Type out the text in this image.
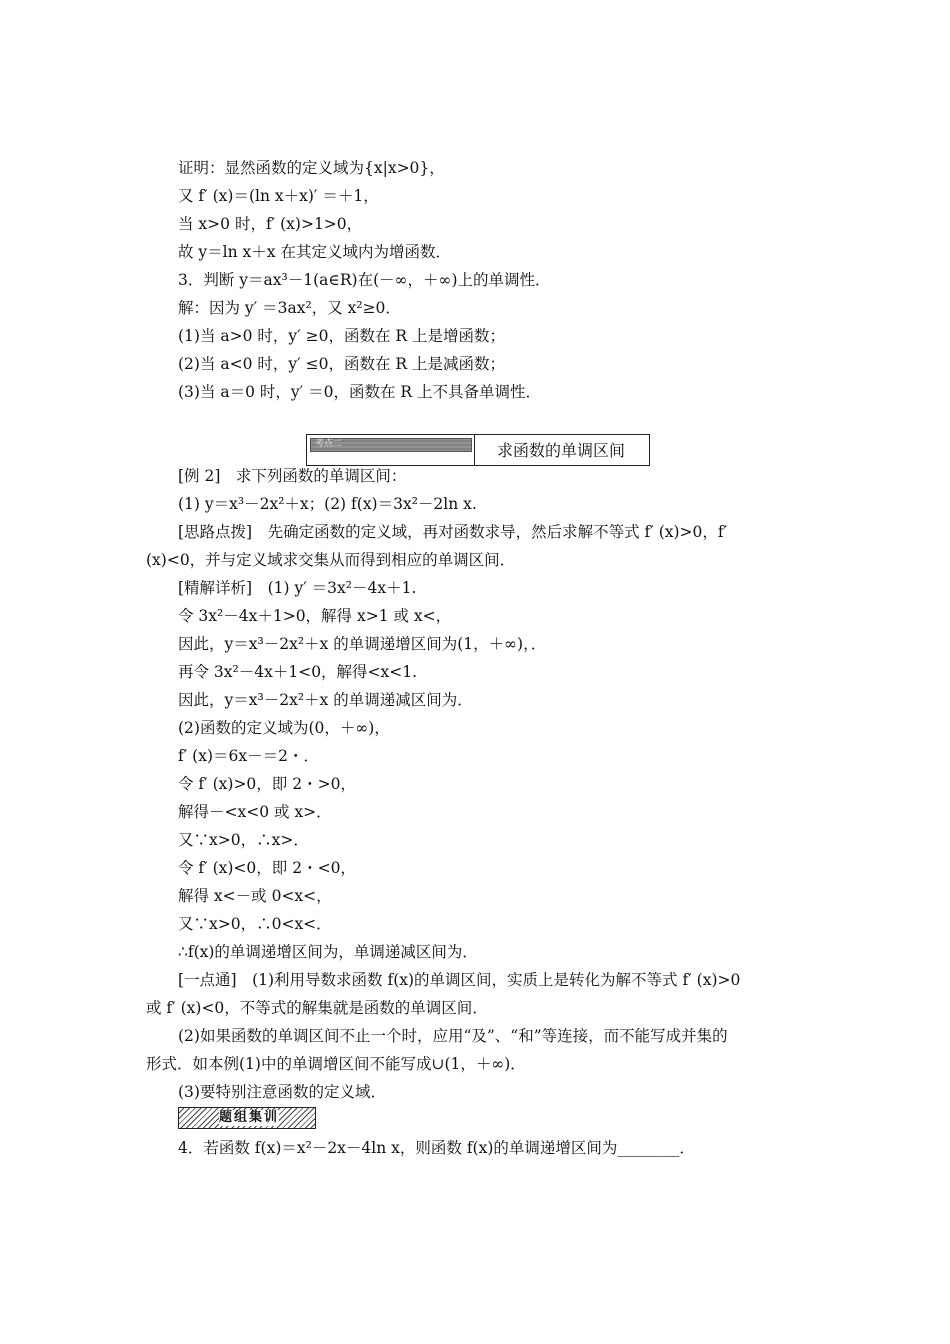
证明：显然函数的定义域为{x|x>0}，
又 f′ (x)＝(ln x＋x)′ ＝＋1，
当 x>0 时，f′ (x)>1>0，
故 y＝ln x＋x 在其定义域内为增函数．
3．判断 y＝ax³－1(a∈R)在(－∞，＋∞)上的单调性．
解：因为 y′ ＝3ax²，又 x²≥0．
(1)当 a>0 时，y′ ≥0，函数在 R 上是增函数；
(2)当 a<0 时，y′ ≤0，函数在 R 上是减函数；
(3)当 a＝0 时，y′ ＝0，函数在 R 上不具备单调性．
考点二	求函数的单调区间
[例 2]　求下列函数的单调区间：
(1) y＝x³－2x²＋x；(2) f(x)＝3x²－2ln x.
[思路点拨]　先确定函数的定义域，再对函数求导，然后求解不等式 f′ (x)>0，f′
(x)<0，并与定义域求交集从而得到相应的单调区间．
[精解详析]　(1) y′ ＝3x²－4x＋1.
令 3x²－4x＋1>0，解得 x>1 或 x<，
因此，y＝x³－2x²＋x 的单调递增区间为(1，＋∞)，．
再令 3x²－4x＋1<0，解得<x<1.
因此，y＝x³－2x²＋x 的单调递减区间为．
(2)函数的定义域为(0，＋∞)，
f′ (x)＝6x－＝2・．
令 f′ (x)>0，即 2・>0，
解得－<x<0 或 x>．
又∵x>0，∴x>．
令 f′ (x)<0，即 2・<0，
解得 x<－或 0<x<，
又∵x>0，∴0<x<．
∴f(x)的单调递增区间为，单调递减区间为．
[一点通]　(1)利用导数求函数 f(x)的单调区间，实质上是转化为解不等式 f′ (x)>0
或 f′ (x)<0，不等式的解集就是函数的单调区间．
(2)如果函数的单调区间不止一个时，应用“及”、“和”等连接，而不能写成并集的
形式．如本例(1)中的单调增区间不能写成∪(1，＋∞)．
(3)要特别注意函数的定义域．
题组集训
4．若函数 f(x)＝x²－2x－4ln x，则函数 f(x)的单调递增区间为________．
